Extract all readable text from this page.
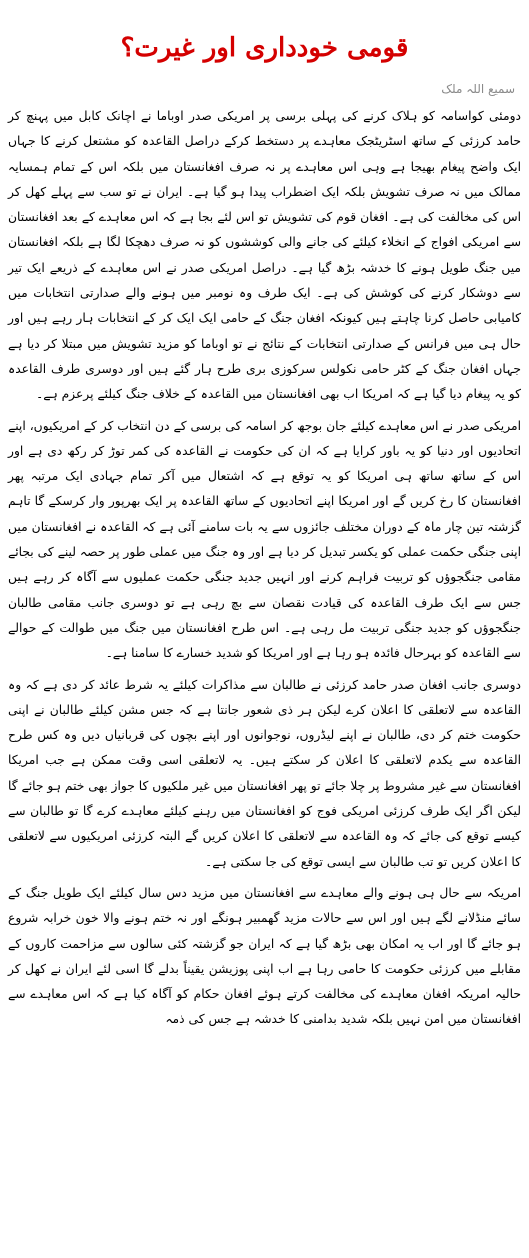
قومی خودداری اور غیرت؟
سمیع اللہ ملک

دومئی کواسامہ کو ہلاک کرنے کی پہلی برسی پر امریکی صدر اوباما نے اچانک کابل میں پہنچ کر حامد کرزئی کے ساتھ اسٹریٹجک معاہدے پر دستخط کرکے دراصل القاعدہ کو مشتعل کرنے کا جہاں ایک واضح پیغام بھیجا ہے وہی اس معاہدے پر نہ صرف افغانستان میں بلکہ اس کے تمام ہمسایہ ممالک میں نہ صرف تشویش بلکہ ایک اضطراب پیدا ہو گیا ہے۔ ایران نے تو سب سے پہلے کھل کر اس کی مخالفت کی ہے۔ افغان قوم کی تشویش تو اس لئے بجا ہے کہ اس معاہدے کے بعد افغانستان سے امریکی افواج کے انخلاء کیلئے کی جانے والی کوششوں کو نہ صرف دھچکا لگا ہے بلکہ افغانستان میں جنگ طویل ہونے کا خدشہ بڑھ گیا ہے۔ دراصل امریکی صدر نے اس معاہدے کے ذریعے ایک تیر سے دوشکار کرنے کی کوشش کی ہے۔ ایک طرف وہ نومبر میں ہونے والے صدارتی انتخابات میں کامیابی حاصل کرنا چاہتے ہیں کیونکہ افغان جنگ کے حامی ایک ایک کر کے انتخابات ہار رہے ہیں اور حال ہی میں فرانس کے صدارتی انتخابات کے نتائج نے تو اوباما کو مزید تشویش میں مبتلا کر دیا ہے جہاں افغان جنگ کے کٹر حامی نکولس سرکوزی بری طرح ہار گئے ہیں اور دوسری طرف القاعدہ کو یہ پیغام دیا گیا ہے کہ امریکا اب بھی افغانستان میں القاعدہ کے خلاف جنگ کیلئے پرعزم ہے۔

امریکی صدر نے اس معاہدے کیلئے جان بوجھ کر اسامہ کی برسی کے دن انتخاب کر کے امریکیوں، اپنے اتحادیوں اور دنیا کو یہ باور کرایا ہے کہ ان کی حکومت نے القاعدہ کی کمر توڑ کر رکھ دی ہے اور اس کے ساتھ ساتھ ہی امریکا کو یہ توقع ہے کہ اشتعال میں آکر تمام جہادی ایک مرتبہ پھر افغانستان کا رخ کریں گے اور امریکا اپنے اتحادیوں کے ساتھ القاعدہ پر ایک بھرپور وار کرسکے گا تاہم گزشتہ تین چار ماہ کے دوران مختلف جائزوں سے یہ بات سامنے آئی ہے کہ القاعدہ نے افغانستان میں اپنی جنگی حکمت عملی کو یکسر تبدیل کر دیا ہے اور وہ جنگ میں عملی طور پر حصہ لینے کی بجائے مقامی جنگجوؤں کو تربیت فراہم کرنے اور انہیں جدید جنگی حکمت عملیوں سے آگاہ کر رہے ہیں جس سے ایک طرف القاعدہ کی قیادت نقصان سے بچ رہی ہے تو دوسری جانب مقامی طالبان جنگجوؤں کو جدید جنگی تربیت مل رہی ہے۔ اس طرح افغانستان میں جنگ میں طوالت کے حوالے سے القاعدہ کو بہرحال فائدہ ہو رہا ہے اور امریکا کو شدید خسارے کا سامنا ہے۔

دوسری جانب افغان صدر حامد کرزئی نے طالبان سے مذاکرات کیلئے یہ شرط عائد کر دی ہے کہ وہ القاعدہ سے لاتعلقی کا اعلان کرے لیکن ہر ذی شعور جانتا ہے کہ جس مشن کیلئے طالبان نے اپنی حکومت ختم کر دی، طالبان نے اپنے لیڈروں، نوجوانوں اور اپنے بچوں کی قربانیاں دیں وہ کس طرح القاعدہ سے یکدم لاتعلقی کا اعلان کر سکتے ہیں۔ یہ لاتعلقی اسی وقت ممکن ہے جب امریکا افغانستان سے غیر مشروط پر چلا جائے تو پھر افغانستان میں غیر ملکیوں کا جواز بھی ختم ہو جائے گا لیکن اگر ایک طرف کرزئی امریکی فوج کو افغانستان میں رہنے کیلئے معاہدے کرے گا تو طالبان سے کیسے توقع کی جائے کہ وہ القاعدہ سے لاتعلقی کا اعلان کریں گے البتہ کرزئی امریکیوں سے لاتعلقی کا اعلان کریں تو تب طالبان سے ایسی توقع کی جا سکتی ہے۔

امریکہ سے حال ہی ہونے والے معاہدے سے افغانستان میں مزید دس سال کیلئے ایک طویل جنگ کے سائے منڈلانے لگے ہیں اور اس سے حالات مزید گھمبیر ہونگے اور نہ ختم ہونے والا خون خرابہ شروع ہو جائے گا اور اب یہ امکان بھی بڑھ گیا ہے کہ ایران جو گزشتہ کئی سالوں سے مزاحمت کاروں کے مقابلے میں کرزئی حکومت کا حامی رہا ہے اب اپنی پوزیشن یقیناً بدلے گا اسی لئے ایران نے کھل کر حالیہ امریکہ افغان معاہدے کی مخالفت کرتے ہوئے افغان حکام کو آگاہ کیا ہے کہ اس معاہدے سے افغانستان میں امن نہیں بلکہ شدید بدامنی کا خدشہ ہے جس کی ذمہ
